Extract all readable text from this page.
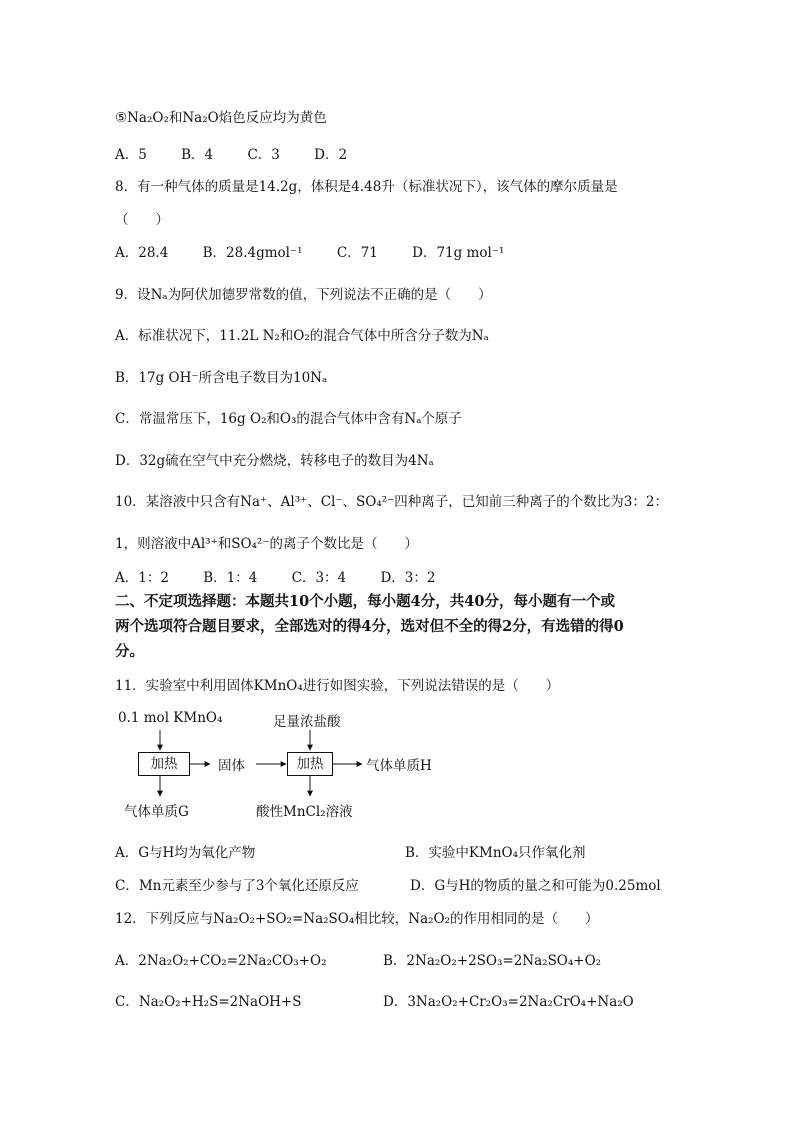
⑤Na₂O₂和Na₂O焰色反应均为黄色
A．5	B．4	C．3	D．2
8．有一种气体的质量是14.2g，体积是4.48升（标准状况下），该气体的摩尔质量是
（　　）
A．28.4	B．28.4gmol⁻¹	C．71	D．71g mol⁻¹
9．设Nₐ为阿伏加德罗常数的值，下列说法不正确的是（　　）
A．标准状况下，11.2L N₂和O₂的混合气体中所含分子数为Nₐ
B．17g OH⁻所含电子数目为10Nₐ
C．常温常压下，16g O₂和O₃的混合气体中含有Nₐ个原子
D．32g硫在空气中充分燃烧，转移电子的数目为4Nₐ
10．某溶液中只含有Na⁺、Al³⁺、Cl⁻、SO₄²⁻四种离子，已知前三种离子的个数比为3：2：
1，则溶液中Al³⁺和SO₄²⁻的离子个数比是（　　）
A．1：2	B．1：4	C．3：4	D．3：2
二、不定项选择题：本题共10个小题，每小题4分，共40分，每小题有一个或
两个选项符合题目要求，全部选对的得4分，选对但不全的得2分，有选错的得0
分。
11．实验室中利用固体KMnO₄进行如图实验，下列说法错误的是（　　）
0.1 mol KMnO₄	足量浓盐酸
加热	固体	加热	气体单质H
气体单质G	酸性MnCl₂溶液
A．G与H均为氧化产物	B．实验中KMnO₄只作氧化剂
C．Mn元素至少参与了3个氧化还原反应	D．G与H的物质的量之和可能为0.25mol
12．下列反应与Na₂O₂+SO₂=Na₂SO₄相比较，Na₂O₂的作用相同的是（　　）
A．2Na₂O₂+CO₂=2Na₂CO₃+O₂	B．2Na₂O₂+2SO₃=2Na₂SO₄+O₂
C．Na₂O₂+H₂S=2NaOH+S	D．3Na₂O₂+Cr₂O₃=2Na₂CrO₄+Na₂O
